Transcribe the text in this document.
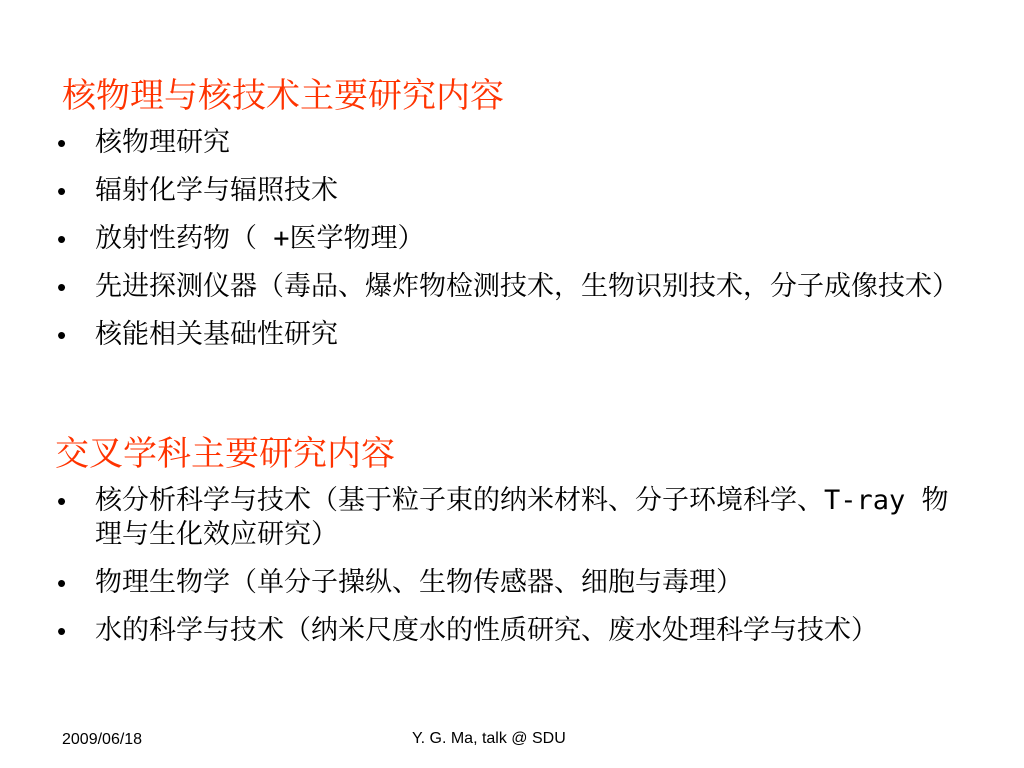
核物理与核技术主要研究内容
• 核物理研究
• 辐射化学与辐照技术
• 放射性药物（ +医学物理）
• 先进探测仪器（毒品、爆炸物检测技术，生物识别技术，分子成像技术）
• 核能相关基础性研究
交叉学科主要研究内容
• 核分析科学与技术（基于粒子束的纳米材料、分子环境科学、T-ray 物理与生化效应研究）
• 物理生物学（单分子操纵、生物传感器、细胞与毒理）
• 水的科学与技术（纳米尺度水的性质研究、废水处理科学与技术）
2009/06/18	Y. G. Ma, talk @ SDU
